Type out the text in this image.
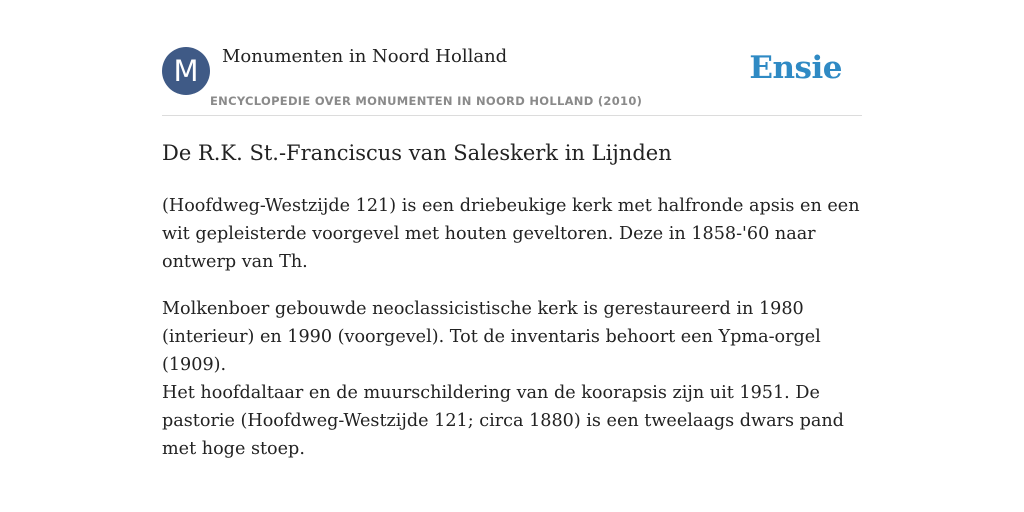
M	Monumenten in Noord Holland
ENCYCLOPEDIE OVER MONUMENTEN IN NOORD HOLLAND (2010)
Ensie
De R.K. St.-Franciscus van Saleskerk in Lijnden

(Hoofdweg-Westzijde 121) is een driebeukige kerk met halfronde apsis en een wit gepleisterde voorgevel met houten geveltoren. Deze in 1858-'60 naar ontwerp van Th.

Molkenboer gebouwde neoclassicistische kerk is gerestaureerd in 1980 (interieur) en 1990 (voorgevel). Tot de inventaris behoort een Ypma-orgel (1909).

Het hoofdaltaar en de muurschildering van de koorapsis zijn uit 1951. De pastorie (Hoofdweg-Westzijde 121; circa 1880) is een tweelaags dwars pand met hoge stoep.
